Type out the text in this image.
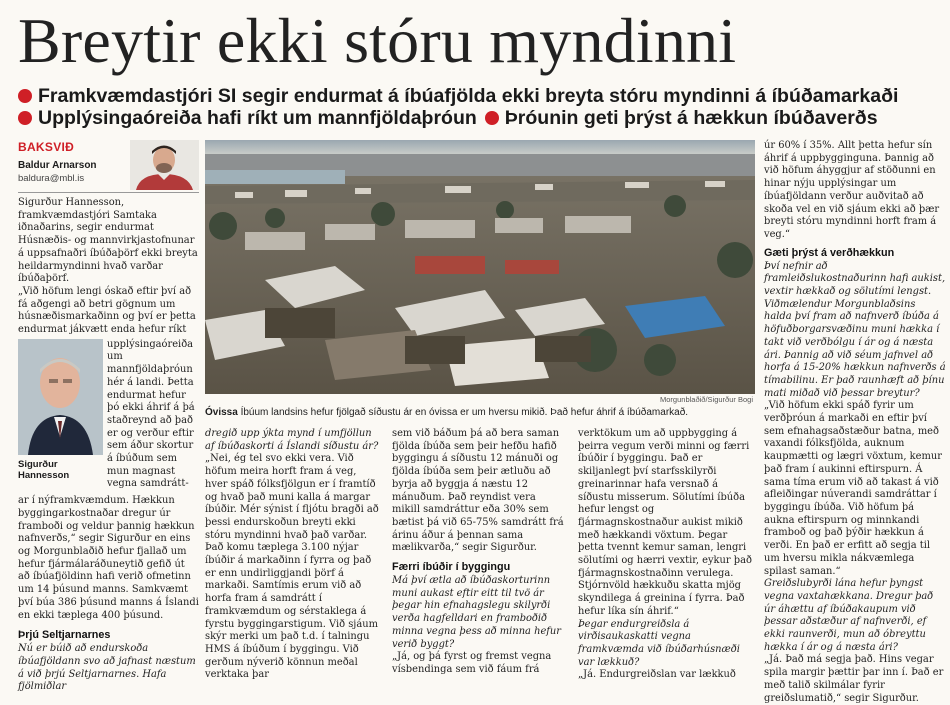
Breytir ekki stóru myndinni
Framkvæmdastjóri SI segir endurmat á íbúafjölda ekki breyta stóru myndinni á íbúðamarkaði
Upplýsingaóreiða hafi ríkt um mannfjöldaþróun Þróunin geti þrýst á hækkun íbúðaverðs
BAKSVIÐ
Baldur Arnarson
baldura@mbl.is

Sigurður Hannesson, framkvæmdastjóri Samtaka iðnaðarins, segir endurmat Húsnæðis- og mannvirkjastofnunar á uppsafnaðri íbúðaþörf ekki breyta heildarmyndinni hvað varðar íbúðaþörf.

„Við höfum lengi óskað eftir því að fá aðgengi að betri gögnum um húsnæðismarkaðinn og því er þetta endurmat jákvætt enda hefur ríkt

Sigurður Hannesson

upplýsingaóreiða um mannfjöldaþróun hér á landi. Þetta endurmat hefur þó ekki áhrif á þá staðreynd að það er og verður eftir sem áður skortur á íbúðum sem mun magnast vegna samdrátt-

ar í nýframkvæmdum. Hækkun byggingarkostnaðar dregur úr framboði og veldur þannig hækkun nafnverðs,“ segir Sigurður en eins og Morgunblaðið hefur fjallað um hefur fjármálaráðuneytið gefið út að íbúafjöldinn hafi verið ofmetinn um 14 þúsund manns. Samkvæmt því búa 386 þúsund manns á Íslandi en ekki tæplega 400 þúsund.

Þrjú Seltjarnarnes

Nú er búið að endurskoða íbúafjöldann svo að jafnast næstum á við þrjú Seltjarnarnes. Hafa fjölmiðlar

Morgunblaðið/Sigurður Bogi
Óvissa Íbúum landsins hefur fjölgað síðustu ár en óvissa er um hversu mikið. Það hefur áhrif á íbúðamarkað.

dregið upp ýkta mynd í umfjöllun af íbúðaskorti á Íslandi síðustu ár?

„Nei, ég tel svo ekki vera. Við höfum meira horft fram á veg, hver spáð fólksfjölgun er í framtíð og hvað það muni kalla á margar íbúðir. Mér sýnist í fljótu bragði að þessi endurskoðun breyti ekki stóru myndinni hvað það varðar. Það komu tæplega 3.100 nýjar íbúðir á markaðinn í fyrra og það er enn undirliggjandi þörf á markaði. Samtímis erum við að horfa fram á samdrátt í framkvæmdum og sérstaklega á fyrstu byggingarstigum. Við sjáum skýr merki um það t.d. í talningu HMS á íbúðum í byggingu. Við gerðum nýverið könnun meðal verktaka þar

sem við báðum þá að bera saman fjölda íbúða sem þeir hefðu hafið byggingu á síðustu 12 mánuði og fjölda íbúða sem þeir ætluðu að byrja að byggja á næstu 12 mánuðum. Það reyndist vera mikill samdráttur eða 30% sem bætist þá við 65-75% samdrátt frá árinu áður á þennan sama mælikvarða,“ segir Sigurður.

Færri íbúðir í byggingu

Má því ætla að íbúðaskorturinn muni aukast eftir eitt til tvö ár þegar hin efnahagslegu skilyrði verða hagfelldari en framboðið minna vegna þess að minna hefur verið byggt?

„Já, og þá fyrst og fremst vegna vísbendinga sem við fáum frá

verktökum um að uppbygging á þeirra vegum verði minni og færri íbúðir í byggingu. Það er skiljanlegt því starfsskilyrði greinarinnar hafa versnað á síðustu misserum. Sölutími íbúða hefur lengst og fjármagnskostnaður aukist mikið með hækkandi vöxtum. Þegar þetta tvennt kemur saman, lengri sölutími og hærri vextir, eykur það fjármagnskostnaðinn verulega. Stjórnvöld hækkuðu skatta mjög skyndilega á greinina í fyrra. Það hefur líka sín áhrif.“

Þegar endurgreiðsla á virðisaukaskatti vegna framkvæmda við íbúðarhúsnæði var lækkuð?

„Já. Endurgreiðslan var lækkuð

úr 60% í 35%. Allt þetta hefur sín áhrif á uppbygginguna. Þannig að við höfum áhyggjur af stöðunni en hinar nýju upplýsingar um íbúafjöldann verður auðvitað að skoða vel en við sjáum ekki að þær breyti stóru myndinni horft fram á veg.“

Gæti þrýst á verðhækkun

Því nefnir að framleiðslukostnaðurinn hafi aukist, vextir hækkað og sölutími lengst. Viðmælendur Morgunblaðsins halda því fram að nafnverð íbúða á höfuðborgarsvæðinu muni hækka í takt við verðbólgu í ár og á næsta ári. Þannig að við séum jafnvel að horfa á 15-20% hækkun nafnverðs á tímabilinu. Er það raunhæft að þínu mati miðað við þessar breytur?

„Við höfum ekki spáð fyrir um verðþróun á markaði en eftir því sem efnahagsaðstæður batna, með vaxandi fólksfjölda, auknum kaupmætti og lægri vöxtum, kemur það fram í aukinni eftirspurn. Á sama tíma erum við að takast á við afleiðingar núverandi samdráttar í byggingu íbúða. Við höfum þá aukna eftirspurn og minnkandi framboð og það þýðir hækkun á verði. En það er erfitt að segja til um hversu mikla nákvæmlega spilast saman.“

Greiðslubyrði lána hefur þyngst vegna vaxtahækkana. Dregur það úr áhættu af íbúðakaupum við þessar aðstæður af nafnverði, ef ekki raunverði, mun að óbreyttu hækka í ár og á næsta ári?

„Já. Það má segja það. Hins vegar spila margir þættir þar inn í. Það er með talið skilmálar fyrir greiðslumatið,“ segir Sigurður.
